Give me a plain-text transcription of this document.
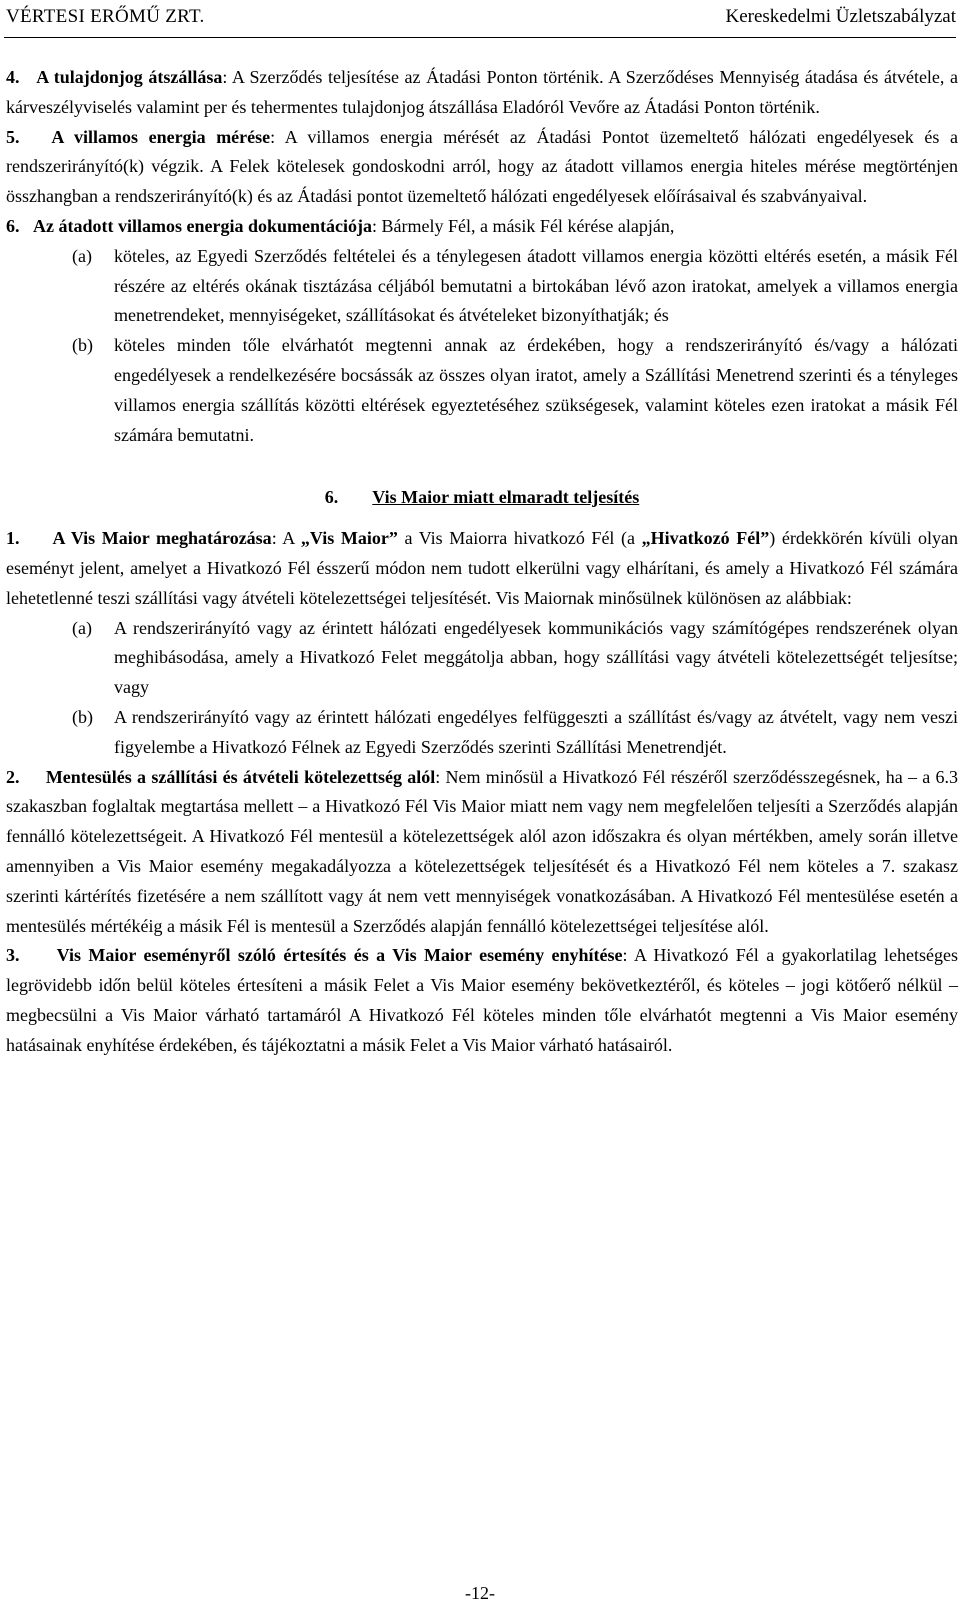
VÉRTESI ERŐMŰ ZRT.	Kereskedelmi Üzletszabályzat

4. A tulajdonjog átszállása: A Szerződés teljesítése az Átadási Ponton történik. A Szerződéses Mennyiség átadása és átvétele, a kárveszélyviselés valamint per és tehermentes tulajdonjog átszállása Eladóról Vevőre az Átadási Ponton történik.

5. A villamos energia mérése: A villamos energia mérését az Átadási Pontot üzemeltető hálózati engedélyesek és a rendszerirányító(k) végzik. A Felek kötelesek gondoskodni arról, hogy az átadott villamos energia hiteles mérése megtörténjen összhangban a rendszerirányító(k) és az Átadási pontot üzemeltető hálózati engedélyesek előírásaival és szabványaival.

6. Az átadott villamos energia dokumentációja: Bármely Fél, a másik Fél kérése alapján,

(a)	köteles, az Egyedi Szerződés feltételei és a ténylegesen átadott villamos energia közötti eltérés esetén, a másik Fél részére az eltérés okának tisztázása céljából bemutatni a birtokában lévő azon iratokat, amelyek a villamos energia menetrendeket, mennyiségeket, szállításokat és átvételeket bizonyíthatják; és
(b)	köteles minden tőle elvárhatót megtenni annak az érdekében, hogy a rendszerirányító és/vagy a hálózati engedélyesek a rendelkezésére bocsássák az összes olyan iratot, amely a Szállítási Menetrend szerinti és a tényleges villamos energia szállítás közötti eltérések egyeztetéséhez szükségesek, valamint köteles ezen iratokat a másik Fél számára bemutatni.
6. Vis Maior miatt elmaradt teljesítés

1. A Vis Maior meghatározása: A „Vis Maior” a Vis Maiorra hivatkozó Fél (a „Hivatkozó Fél”) érdekkörén kívüli olyan eseményt jelent, amelyet a Hivatkozó Fél ésszerű módon nem tudott elkerülni vagy elhárítani, és amely a Hivatkozó Fél számára lehetetlenné teszi szállítási vagy átvételi kötelezettségei teljesítését. Vis Maiornak minősülnek különösen az alábbiak:

(a)	A rendszerirányító vagy az érintett hálózati engedélyesek kommunikációs vagy számítógépes rendszerének olyan meghibásodása, amely a Hivatkozó Felet meggátolja abban, hogy szállítási vagy átvételi kötelezettségét teljesítse; vagy
(b)	A rendszerirányító vagy az érintett hálózati engedélyes felfüggeszti a szállítást és/vagy az átvételt, vagy nem veszi figyelembe a Hivatkozó Félnek az Egyedi Szerződés szerinti Szállítási Menetrendjét.

2. Mentesülés a szállítási és átvételi kötelezettség alól: Nem minősül a Hivatkozó Fél részéről szerződésszegésnek, ha – a 6.3 szakaszban foglaltak megtartása mellett – a Hivatkozó Fél Vis Maior miatt nem vagy nem megfelelően teljesíti a Szerződés alapján fennálló kötelezettségeit. A Hivatkozó Fél mentesül a kötelezettségek alól azon időszakra és olyan mértékben, amely során illetve amennyiben a Vis Maior esemény megakadályozza a kötelezettségek teljesítését és a Hivatkozó Fél nem köteles a 7. szakasz szerinti kártérítés fizetésére a nem szállított vagy át nem vett mennyiségek vonatkozásában. A Hivatkozó Fél mentesülése esetén a mentesülés mértékéig a másik Fél is mentesül a Szerződés alapján fennálló kötelezettségei teljesítése alól.

3. Vis Maior eseményről szóló értesítés és a Vis Maior esemény enyhítése: A Hivatkozó Fél a gyakorlatilag lehetséges legrövidebb időn belül köteles értesíteni a másik Felet a Vis Maior esemény bekövetkeztéről, és köteles – jogi kötőerő nélkül – megbecsülni a Vis Maior várható tartamáról A Hivatkozó Fél köteles minden tőle elvárhatót megtenni a Vis Maior esemény hatásainak enyhítése érdekében, és tájékoztatni a másik Felet a Vis Maior várható hatásairól.

-12-
